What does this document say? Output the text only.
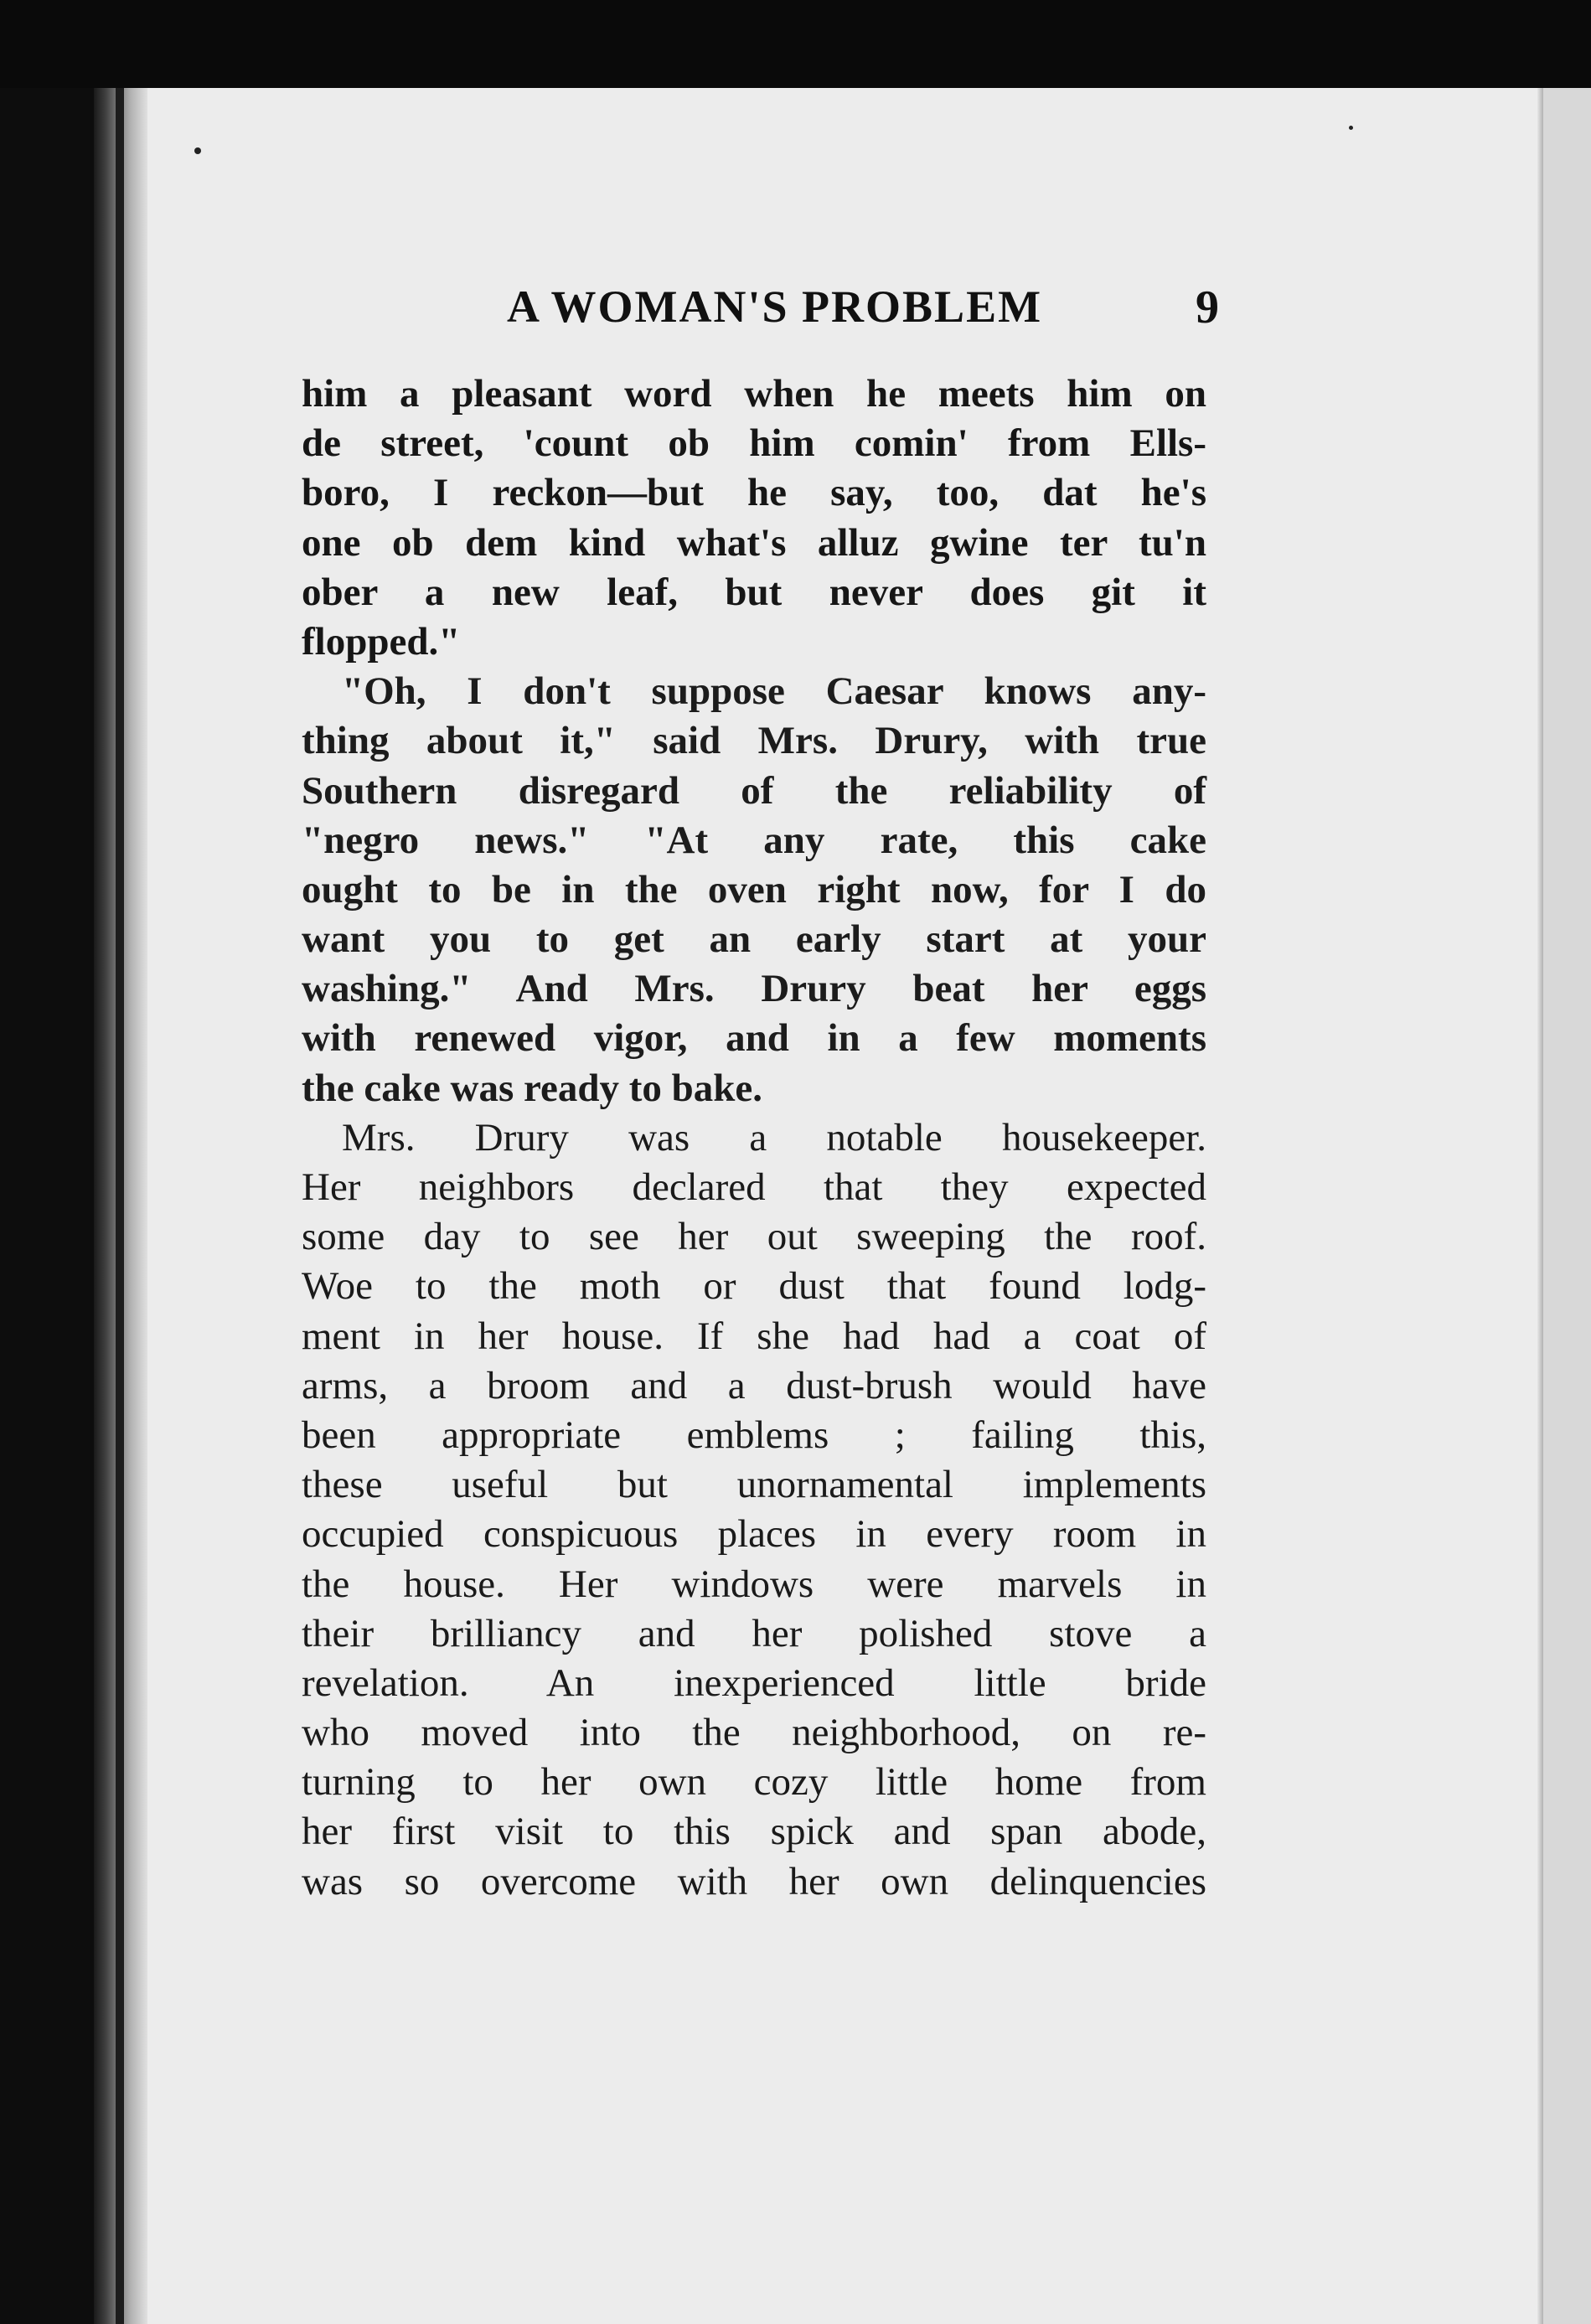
A WOMAN'S PROBLEM	9
him a pleasant word when he meets him on
de street, 'count ob him comin' from Ells-
boro, I reckon—but he say, too, dat he's
one ob dem kind what's alluz gwine ter tu'n
ober a new leaf, but never does git it
flopped."
"Oh, I don't suppose Caesar knows any-
thing about it," said Mrs. Drury, with true
Southern disregard of the reliability of
"negro news." "At any rate, this cake
ought to be in the oven right now, for I do
want you to get an early start at your
washing." And Mrs. Drury beat her eggs
with renewed vigor, and in a few moments
the cake was ready to bake.
Mrs. Drury was a notable housekeeper.
Her neighbors declared that they expected
some day to see her out sweeping the roof.
Woe to the moth or dust that found lodg-
ment in her house. If she had had a coat of
arms, a broom and a dust-brush would have
been appropriate emblems ; failing this,
these useful but unornamental implements
occupied conspicuous places in every room in
the house. Her windows were marvels in
their brilliancy and her polished stove a
revelation. An inexperienced little bride
who moved into the neighborhood, on re-
turning to her own cozy little home from
her first visit to this spick and span abode,
was so overcome with her own delinquencies
